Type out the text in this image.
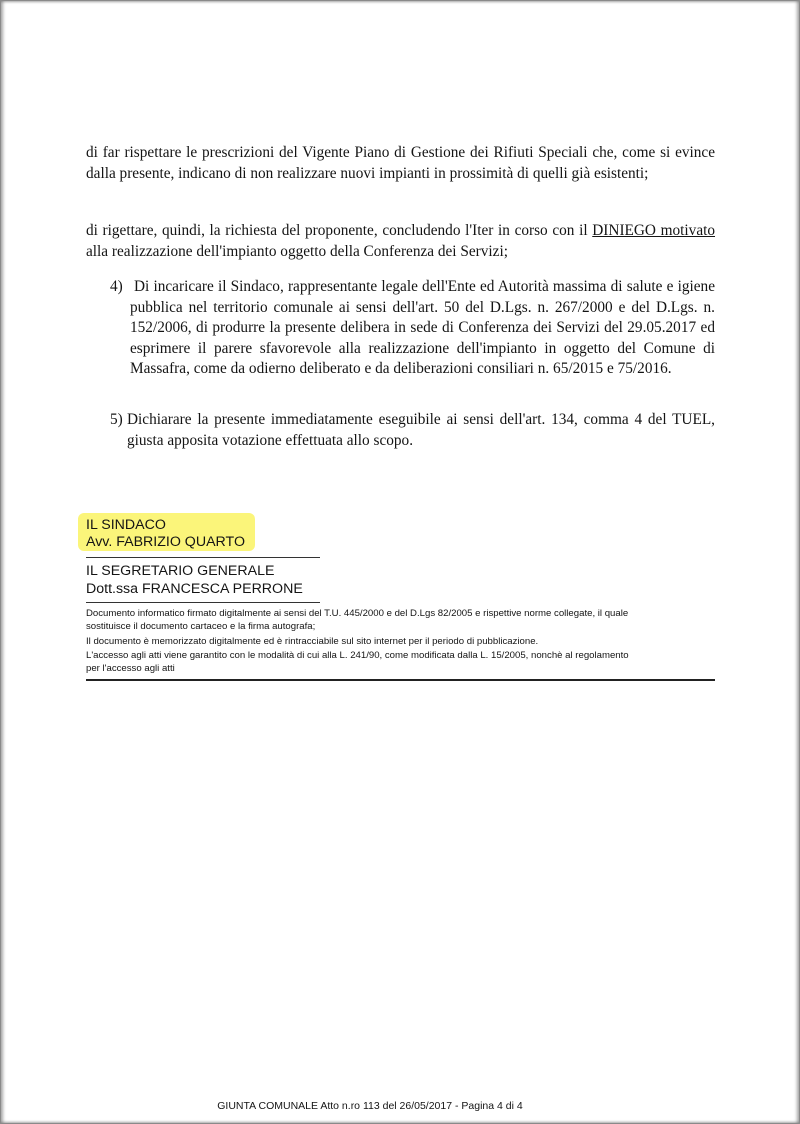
di far rispettare le prescrizioni del Vigente Piano di Gestione dei Rifiuti Speciali che, come si evince dalla presente, indicano di non realizzare nuovi impianti in prossimità di quelli già esistenti;
di rigettare, quindi, la richiesta del proponente, concludendo l'Iter in corso con il DINIEGO motivato alla realizzazione dell'impianto oggetto della Conferenza dei Servizi;
4) Di incaricare il Sindaco, rappresentante legale dell'Ente ed Autorità massima di salute e igiene pubblica nel territorio comunale ai sensi dell'art. 50 del D.Lgs. n. 267/2000 e del D.Lgs. n. 152/2006, di produrre la presente delibera in sede di Conferenza dei Servizi del 29.05.2017 ed esprimere il parere sfavorevole alla realizzazione dell'impianto in oggetto del Comune di Massafra, come da odierno deliberato e da deliberazioni consiliari n. 65/2015 e 75/2016.
5) Dichiarare la presente immediatamente eseguibile ai sensi dell'art. 134, comma 4 del TUEL, giusta apposita votazione effettuata allo scopo.
IL SINDACO
Avv. FABRIZIO QUARTO
IL SEGRETARIO GENERALE
Dott.ssa FRANCESCA PERRONE
Documento informatico firmato digitalmente ai sensi del T.U. 445/2000 e del D.Lgs 82/2005 e rispettive norme collegate, il quale
sostituisce il documento cartaceo e la firma autografa;
Il documento è memorizzato digitalmente ed è rintracciabile sul sito internet per il periodo di pubblicazione.
L'accesso agli atti viene garantito con le modalità di cui alla L. 241/90, come modificata dalla L. 15/2005, nonchè al regolamento
per l'accesso agli atti
GIUNTA COMUNALE Atto n.ro 113 del 26/05/2017 - Pagina 4 di 4
